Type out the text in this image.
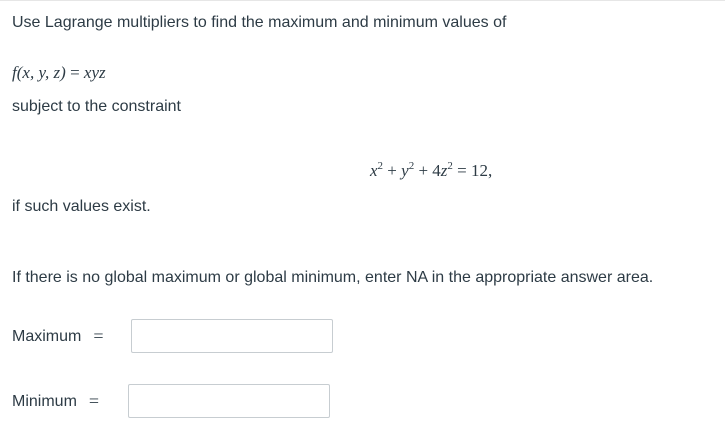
Use Lagrange multipliers to find the maximum and minimum values of
f(x, y, z) = xyz
subject to the constraint
$x^2 + y^2 + 4z^2 = 12$,
if such values exist.
If there is no global maximum or global minimum, enter NA in the appropriate answer area.
Maximum =
Minimum =
